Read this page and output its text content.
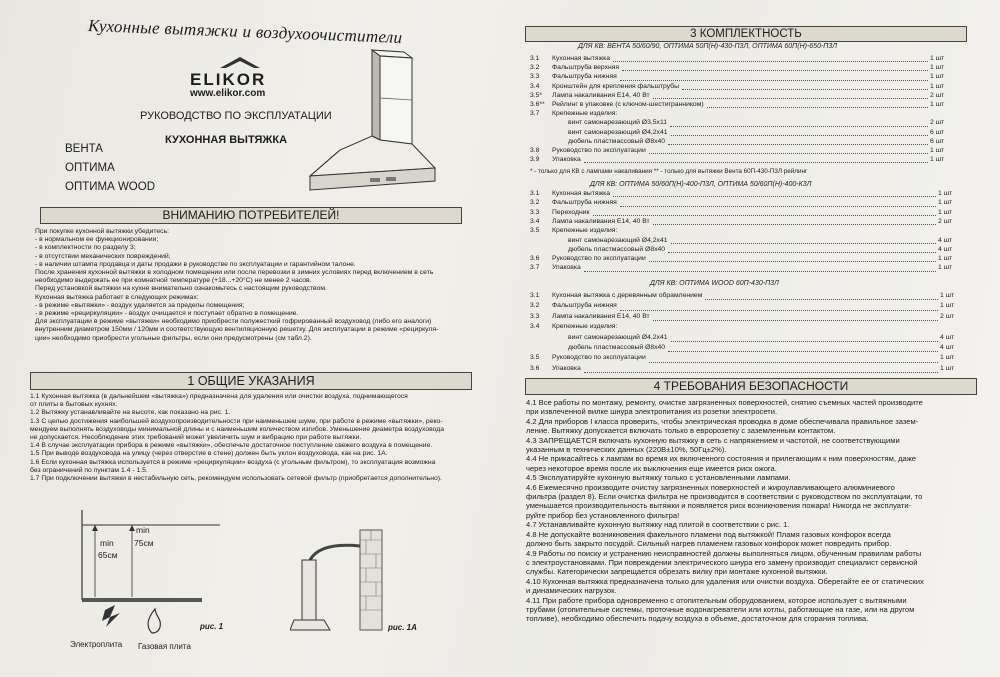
Кухонные вытяжки и воздухоочистители
ELIKOR
www.elikor.com
РУКОВОДСТВО ПО ЭКСПЛУАТАЦИИ
КУХОННАЯ ВЫТЯЖКА
ВЕНТА
ОПТИМА
ОПТИМА WOOD
ВНИМАНИЮ ПОТРЕБИТЕЛЕЙ!
При покупке кухонной вытяжки убедитесь:
- в нормальном ее функционировании;
- в комплектности по разделу 3;
- в отсутствии механических повреждений;
- в наличии штампа продавца и даты продажи в руководстве по эксплуатации и гарантийном талоне.
После хранения кухонной вытяжки в холодном помещении или после перевозки в зимних условиях перед включением в сеть
необходимо выдержать ее при комнатной температуре (+18...+20°С) не менее 2 часов.
Перед установкой вытяжки на кухне внимательно ознакомьтесь с настоящим руководством.
Кухонная вытяжка работает в следующих режимах:
- в режиме «вытяжки» - воздух удаляется за пределы помещения;
- в режиме «рециркуляции» - воздух очищается и поступает обратно в помещение.
Для эксплуатации в режиме «вытяжки» необходимо приобрести полужесткий гофрированный воздуховод (либо его аналоги)
внутренним диаметром 150мм / 120мм и соответствующую вентиляционную решетку. Для эксплуатации в режиме «рециркуля-
ции» необходимо приобрести угольные фильтры, если они предусмотрены (см табл.2).
1 ОБЩИЕ УКАЗАНИЯ
1.1 Кухонная вытяжка (в дальнейшем «вытяжка») предназначена для удаления или очистки воздуха, поднимающегося
от плиты в бытовых кухнях.
1.2 Вытяжку устанавливайте на высоте, как показано на рис. 1.
1.3 С целью достижения наибольшей воздухопроизводительности при наименьшем шуме, при работе в режиме «вытяжки», реко-
мендуем выполнять воздуховоды минимальной длины и с наименьшим количеством изгибов. Уменьшение диаметра воздуховода
не допускается. Несоблюдение этих требований может увеличить шум и вибрацию при работе вытяжки.
1.4 В случае эксплуатации прибора в режиме «вытяжки», обеспечьте достаточное поступление свежего воздуха в помещение.
1.5 При выводе воздуховода на улицу (через отверстие в стене) должен быть уклон воздуховода, как на рис. 1А.
1.6 Если кухонная вытяжка используется в режиме «рециркуляции» воздуха (с угольным фильтром), то эксплуатация возможна
без ограничений по пунктам 1.4 - 1.5.
1.7 При подключении вытяжки в нестабильную сеть, рекомендуем использовать сетевой фильтр (приобретается дополнительно).
min
65см
min
75см
Электроплита Газовая плита
рис. 1	рис. 1А
3 КОМПЛЕКТНОСТЬ
ДЛЯ КВ: ВЕНТА 50/60/90, ОПТИМА 50П(Н)-430-П3Л, ОПТИМА 60П(Н)-650-П3Л
3.1 Кухонная вытяжка	1 шт
3.2 Фальштруба верхняя	1 шт
3.3 Фальштруба нижняя	1 шт
3.4 Кронштейн для крепления фальштрубы	1 шт
3.5* Лампа накаливания Е14, 40 Вт	2 шт
3.6** Рейлинг в упаковке (с ключом-шестигранником)	1 шт
3.7 Крепежные изделия:
винт самонарезающий Ø3,5x11	2 шт
винт самонарезающий Ø4,2x41	6 шт
дюбель пластмассовый Ø8x40	6 шт
3.8 Руководство по эксплуатации	1 шт
3.9 Упаковка	1 шт
* - только для КВ с лампами накаливания ** - только для вытяжки Вента 60П-430-П3Л рейлинг
ДЛЯ КВ: ОПТИМА 50/60П(Н)-400-П3Л, ОПТИМА 50/60П(Н)-400-К3Л
3.1 Кухонная вытяжка	1 шт
3.2 Фальштруба нижняя	1 шт
3.3 Переходник	1 шт
3.4 Лампа накаливания Е14, 40 Вт	2 шт
3.5 Крепежные изделия:
винт самонарезающий Ø4,2x41	4 шт
дюбель пластмассовый Ø8x40	4 шт
3.6 Руководство по эксплуатации	1 шт
3.7 Упаковка	1 шт
ДЛЯ КВ: ОПТИМА WOOD 60П-430-П3Л
3.1 Кухонная вытяжка с деревянным обрамлением	1 шт
3.2 Фальштруба нижняя	1 шт
3.3 Лампа накаливания Е14, 40 Вт	2 шт
3.4 Крепежные изделия:
винт самонарезающий Ø4,2x41	4 шт
дюбель пластмассовый Ø8x40	4 шт
3.5 Руководство по эксплуатации	1 шт
3.6 Упаковка	1 шт
4 ТРЕБОВАНИЯ БЕЗОПАСНОСТИ
4.1 Все работы по монтажу, ремонту, очистке загрязненных поверхностей, снятию съемных частей производите
при извлеченной вилке шнура электропитания из розетки электросети.
4.2 Для приборов I класса проверить, чтобы электрическая проводка в доме обеспечивала правильное зазем-
ление. Вытяжку допускается включать только в евророзетку с заземленным контактом.
4.3 ЗАПРЕЩАЕТСЯ включать кухонную вытяжку в сеть с напряжением и частотой, не соответствующими
указанным в технических данных (220В±10%, 50Гц±2%).
4.4 Не прикасайтесь к лампам во время их включенного состояния и прилегающим к ним поверхностям, даже
через некоторое время после их выключения еще имеется риск ожога.
4.5 Эксплуатируйте кухонную вытяжку только с установленными лампами.
4.6 Ежемесячно производите очистку загрязненных поверхностей и жироулавливающего алюминиевого
фильтра (раздел 8). Если очистка фильтра не производится в соответствии с руководством по эксплуатации, то
уменьшается производительность вытяжки и появляется риск возникновения пожара! Никогда не эксплуати-
руйте прибор без установленного фильтра!
4.7 Устанавливайте кухонную вытяжку над плитой в соответствии с рис. 1.
4.8 Не допускайте возникновения факельного пламени под вытяжкой! Пламя газовых конфорок всегда
должно быть закрыто посудой. Сильный нагрев пламенем газовых конфорок может повредить прибор.
4.9 Работы по поиску и устранению неисправностей должны выполняться лицом, обученным правилам работы
с электроустановками. При повреждении электрического шнура его замену производит специалист сервисной
службы. Категорически запрещается обрезать вилку при монтаже кухонной вытяжки.
4.10 Кухонная вытяжка предназначена только для удаления или очистки воздуха. Оберегайте ее от статических
и динамических нагрузок.
4.11 При работе прибора одновременно с отопительным оборудованием, которое использует с вытяжными
трубами (отопительные системы, проточные водонагреватели или котлы, работающие на газе, или на другом
топливе), необходимо обеспечить подачу воздуха в объеме, достаточном для сгорания топлива.
